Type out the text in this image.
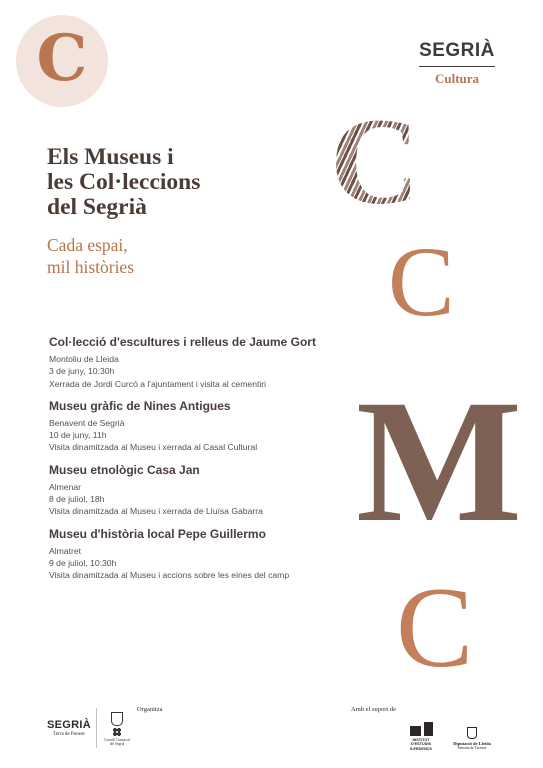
C	SEGRIÀ
Cultura
Els Museus i
les Col·leccions
del Segrià
Cada espai,
mil històries
C
C
M
C
Col·lecció d'escultures i relleus de Jaume Gort
Montoliu de Lleida
3 de juny, 10:30h
Xerrada de Jordi Curcó a l'ajuntament i visita al cementiri
Museu gràfic de Nines Antigues
Benavent de Segrià
10 de juny, 11h
Visita dinamitzada al Museu i xerrada al Casal Cultural
Museu etnològic Casa Jan
Almenar
8 de juliol, 18h
Visita dinamitzada al Museu i xerrada de Lluïsa Gabarra
Museu d'història local Pepe Guillermo
Almatret
9 de juliol, 10:30h
Visita dinamitzada al Museu i accions sobre les eines del camp
SEGRIÀ
Terra de Ponent
Consell Comarcal
del Segrià
Organitza	Amb el suport de
INSTITUT
D'ESTUDIS
ILERDENCS
Diputació de Lleida
Patronat de Turisme
